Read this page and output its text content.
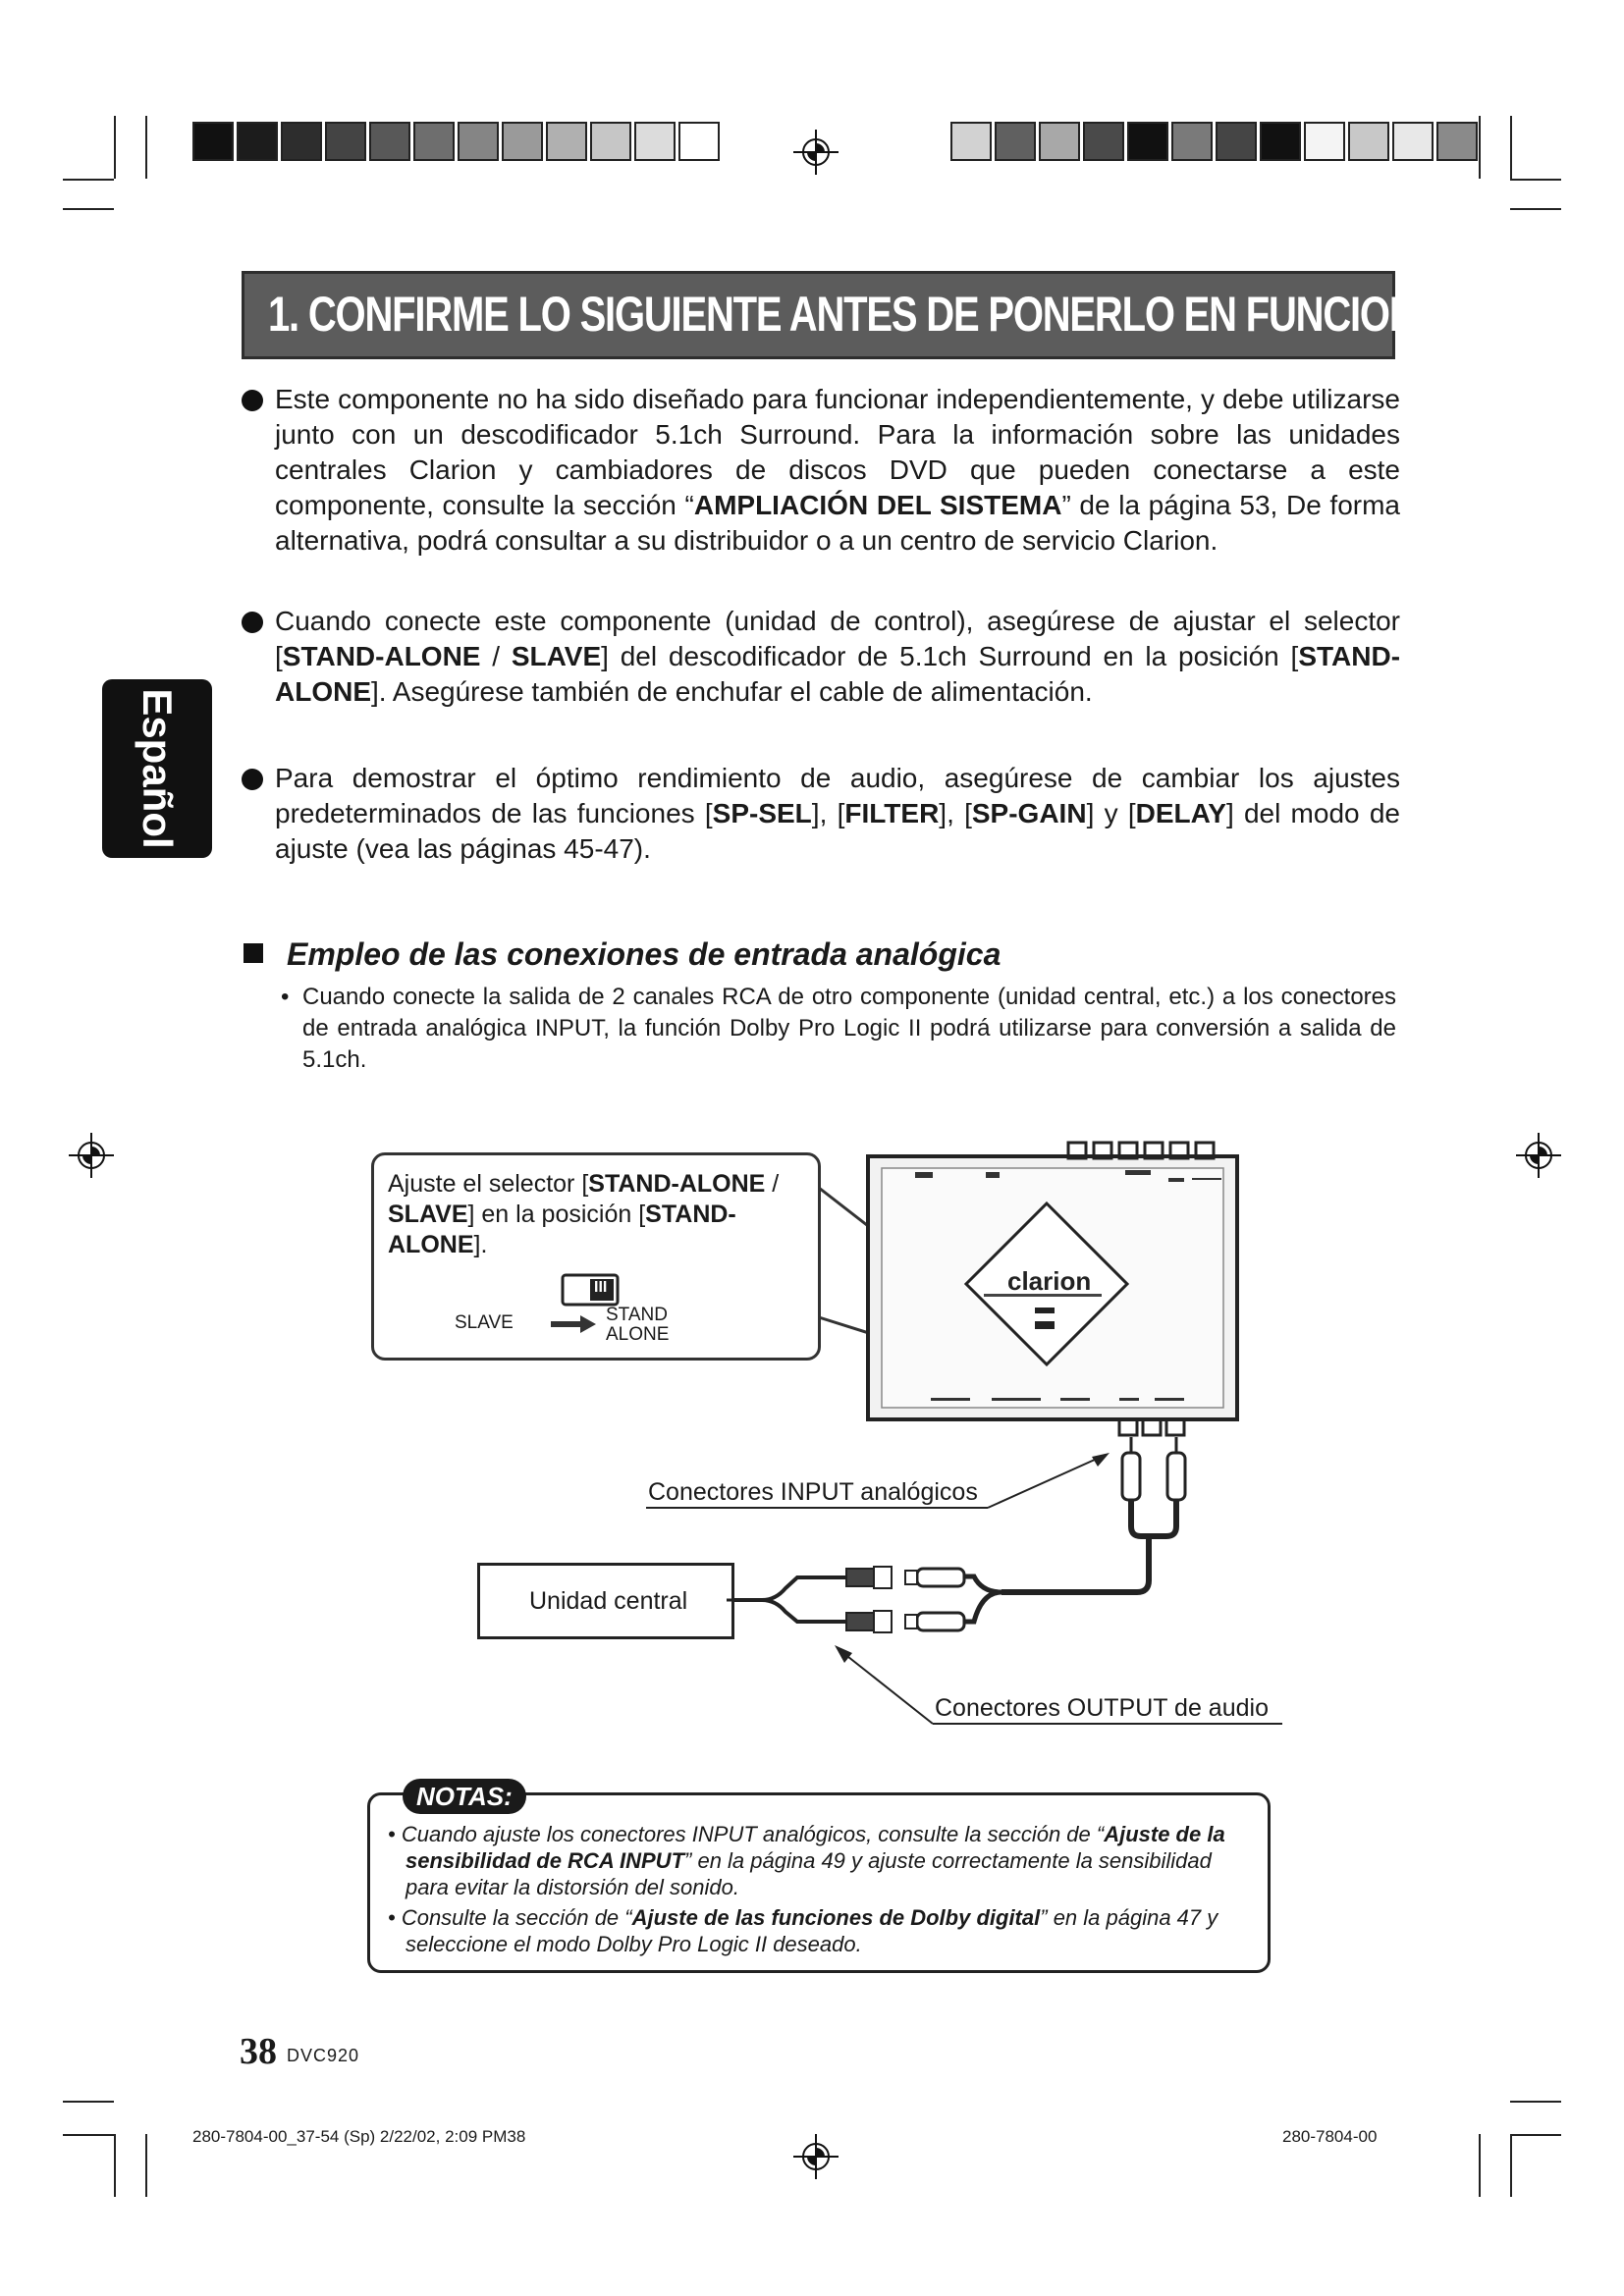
1. CONFIRME LO SIGUIENTE ANTES DE PONERLO EN FUNCIONAMIENTO
Español

Este componente no ha sido diseñado para funcionar independientemente, y debe utilizarse junto con un descodificador 5.1ch Surround. Para la información sobre las unidades centrales Clarion y cambiadores de discos DVD que pueden conectarse a este componente, consulte la sección “AMPLIACIÓN DEL SISTEMA” de la página 53, De forma alternativa, podrá consultar a su distribuidor o a un centro de servicio Clarion.

Cuando conecte este componente (unidad de control), asegúrese de ajustar el selector [STAND-ALONE / SLAVE] del descodificador de 5.1ch Surround en la posición [STAND-ALONE]. Asegúrese también de enchufar el cable de alimentación.

Para demostrar el óptimo rendimiento de audio, asegúrese de cambiar los ajustes predeterminados de las funciones [SP-SEL], [FILTER], [SP-GAIN] y [DELAY] del modo de ajuste (vea las páginas 45-47).

Empleo de las conexiones de entrada analógica
• Cuando conecte la salida de 2 canales RCA de otro componente (unidad central, etc.) a los conectores de entrada analógica INPUT, la función Dolby Pro Logic II podrá utilizarse para conversión a salida de 5.1ch.

clarion
Ajuste el selector [STAND-ALONE / SLAVE] en la posición [STAND-ALONE].
III
SLAVE	STAND
ALONE
Unidad central
Conectores INPUT analógicos
Conectores OUTPUT de audio
• Cuando ajuste los conectores INPUT analógicos, consulte la sección de “Ajuste de la sensibilidad de RCA INPUT” en la página 49 y ajuste correctamente la sensibilidad para evitar la distorsión del sonido.
• Consulte la sección de “Ajuste de las funciones de Dolby digital” en la página 47 y seleccione el modo Dolby Pro Logic II deseado.
NOTAS:
38 DVC920
280-7804-00_37-54 (Sp) 2/22/02, 2:09 PM38	280-7804-00
